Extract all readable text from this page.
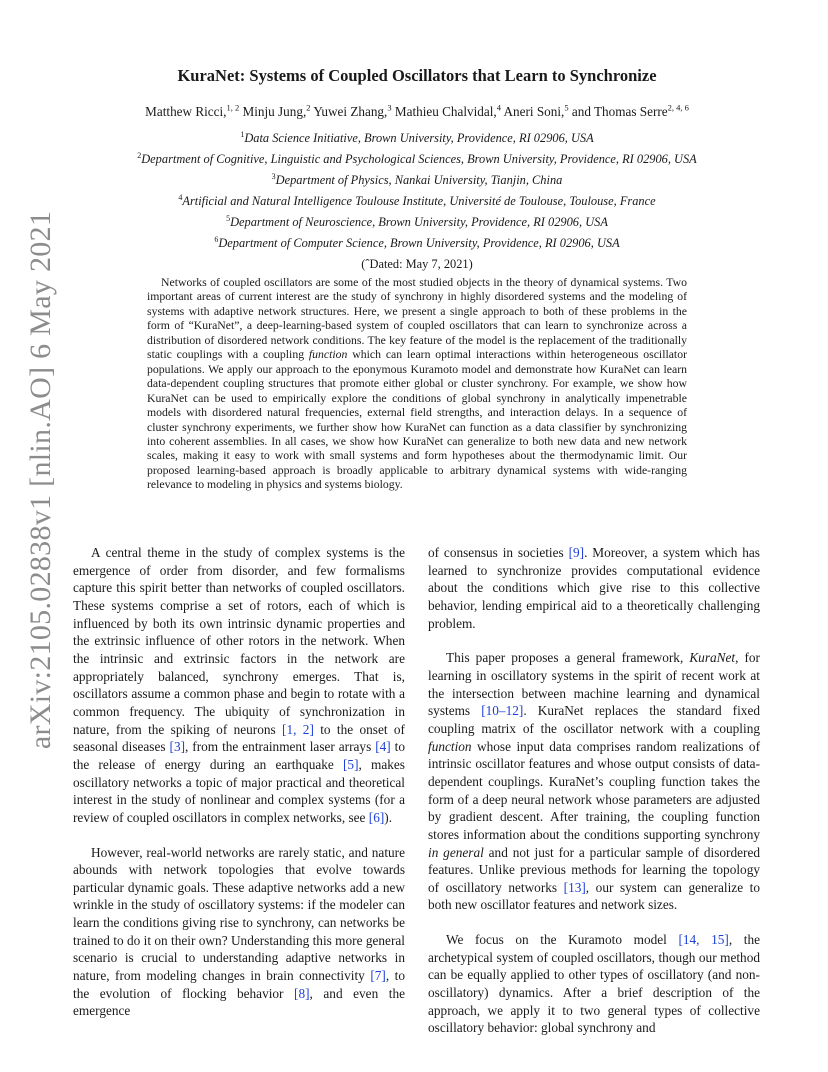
arXiv:2105.02838v1 [nlin.AO] 6 May 2021
KuraNet: Systems of Coupled Oscillators that Learn to Synchronize
Matthew Ricci,$^{1, 2}$ Minju Jung,$^2$ Yuwei Zhang,$^3$ Mathieu Chalvidal,$^4$ Aneri Soni,$^5$ and Thomas Serre$^{2, 4, 6}$
$^1$Data Science Initiative, Brown University, Providence, RI 02906, USA
$^2$Department of Cognitive, Linguistic and Psychological Sciences, Brown University, Providence, RI 02906, USA
$^3$Department of Physics, Nankai University, Tianjin, China
$^4$Artificial and Natural Intelligence Toulouse Institute, Université de Toulouse, Toulouse, France
$^5$Department of Neuroscience, Brown University, Providence, RI 02906, USA
$^6$Department of Computer Science, Brown University, Providence, RI 02906, USA
(ˆDated: May 7, 2021)

Networks of coupled oscillators are some of the most studied objects in the theory of dynamical systems. Two important areas of current interest are the study of synchrony in highly disordered systems and the modeling of systems with adaptive network structures. Here, we present a single approach to both of these problems in the form of “KuraNet”, a deep-learning-based system of coupled oscillators that can learn to synchronize across a distribution of disordered network conditions. The key feature of the model is the replacement of the traditionally static couplings with a coupling function which can learn optimal interactions within heterogeneous oscillator populations. We apply our approach to the eponymous Kuramoto model and demonstrate how KuraNet can learn data-dependent coupling structures that promote either global or cluster synchrony. For example, we show how KuraNet can be used to empirically explore the conditions of global synchrony in analytically impenetrable models with disordered natural frequencies, external field strengths, and interaction delays. In a sequence of cluster synchrony experiments, we further show how KuraNet can function as a data classifier by synchronizing into coherent assemblies. In all cases, we show how KuraNet can generalize to both new data and new network scales, making it easy to work with small systems and form hypotheses about the thermodynamic limit. Our proposed learning-based approach is broadly applicable to arbitrary dynamical systems with wide-ranging relevance to modeling in physics and systems biology.

A central theme in the study of complex systems is the emergence of order from disorder, and few formalisms capture this spirit better than networks of coupled oscillators. These systems comprise a set of rotors, each of which is influenced by both its own intrinsic dynamic properties and the extrinsic influence of other rotors in the network. When the intrinsic and extrinsic factors in the network are appropriately balanced, synchrony emerges. That is, oscillators assume a common phase and begin to rotate with a common frequency. The ubiquity of synchronization in nature, from the spiking of neurons [1, 2] to the onset of seasonal diseases [3], from the entrainment laser arrays [4] to the release of energy during an earthquake [5], makes oscillatory networks a topic of major practical and theoretical interest in the study of nonlinear and complex systems (for a review of coupled oscillators in complex networks, see [6]).

However, real-world networks are rarely static, and nature abounds with network topologies that evolve towards particular dynamic goals. These adaptive networks add a new wrinkle in the study of oscillatory systems: if the modeler can learn the conditions giving rise to synchrony, can networks be trained to do it on their own? Understanding this more general scenario is crucial to understanding adaptive networks in nature, from modeling changes in brain connectivity [7], to the evolution of flocking behavior [8], and even the emergence

of consensus in societies [9]. Moreover, a system which has learned to synchronize provides computational evidence about the conditions which give rise to this collective behavior, lending empirical aid to a theoretically challenging problem.

This paper proposes a general framework, KuraNet, for learning in oscillatory systems in the spirit of recent work at the intersection between machine learning and dynamical systems [10–12]. KuraNet replaces the standard fixed coupling matrix of the oscillator network with a coupling function whose input data comprises random realizations of intrinsic oscillator features and whose output consists of data-dependent couplings. KuraNet’s coupling function takes the form of a deep neural network whose parameters are adjusted by gradient descent. After training, the coupling function stores information about the conditions supporting synchrony in general and not just for a particular sample of disordered features. Unlike previous methods for learning the topology of oscillatory networks [13], our system can generalize to both new oscillator features and network sizes.

We focus on the Kuramoto model [14, 15], the archetypical system of coupled oscillators, though our method can be equally applied to other types of oscillatory (and non-oscillatory) dynamics. After a brief description of the approach, we apply it to two general types of collective oscillatory behavior: global synchrony and
